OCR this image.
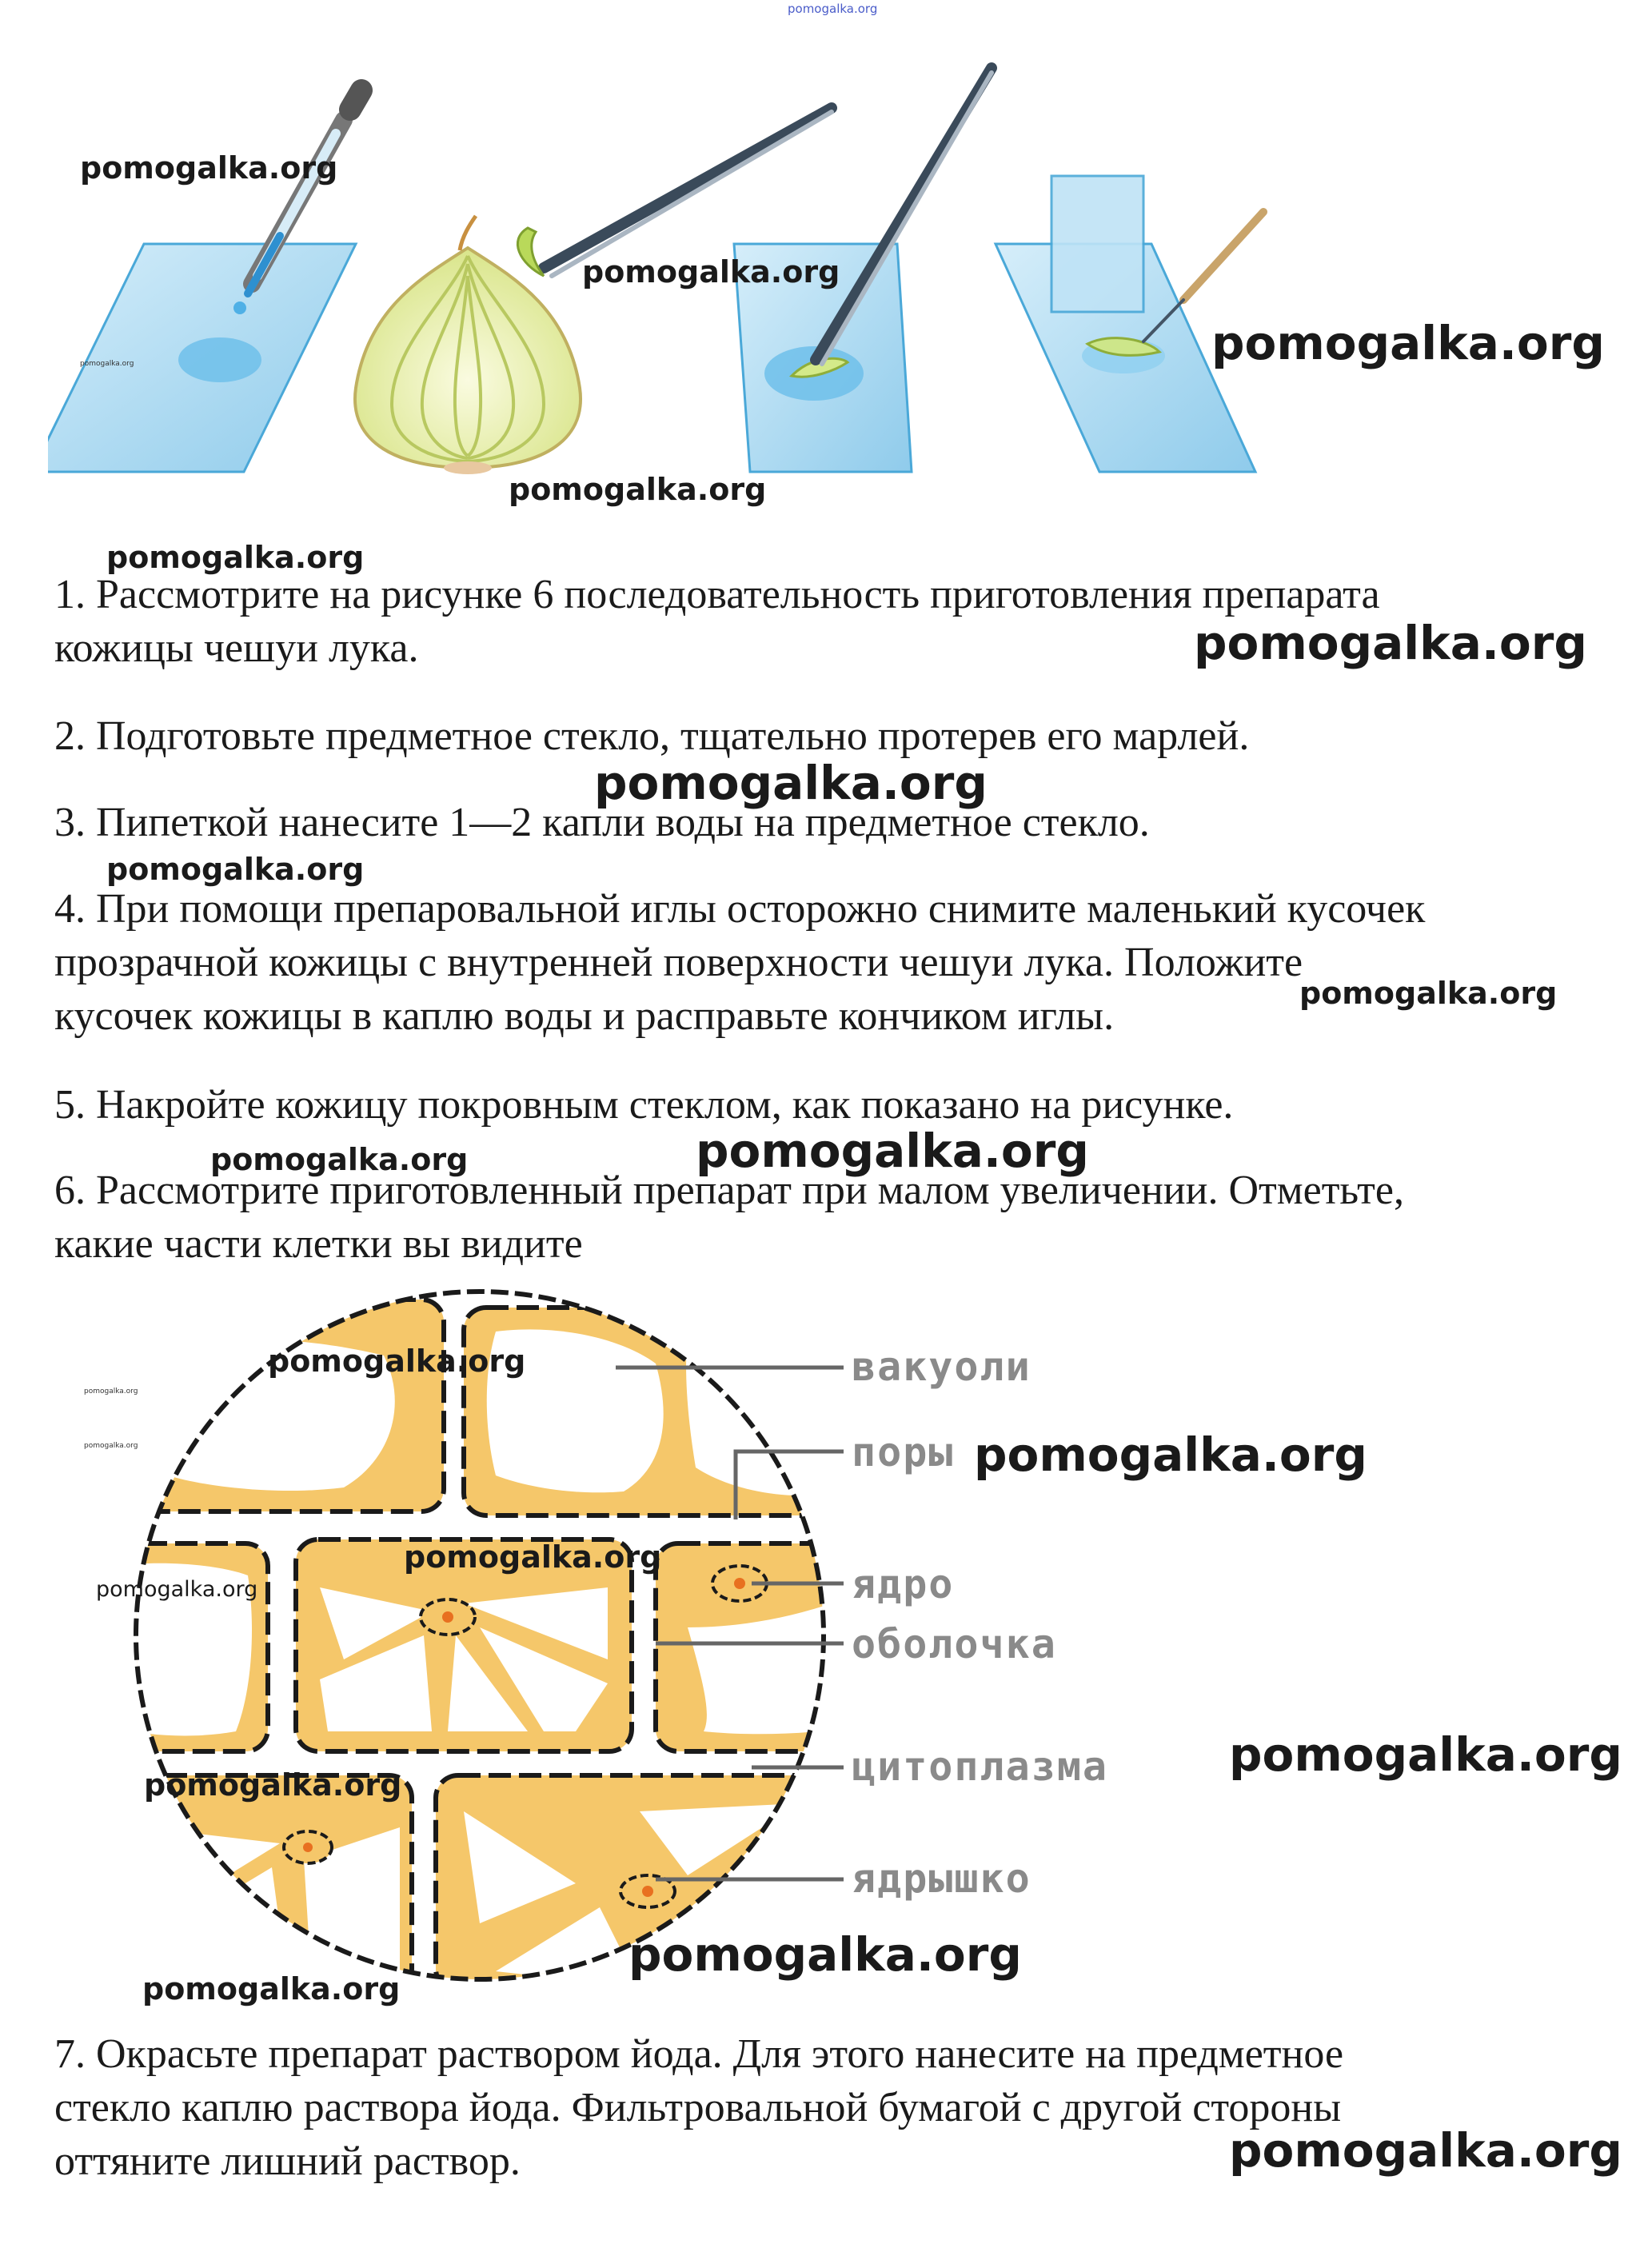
pomogalka.org
pomogalka.org
pomogalka.org
pomogalka.org
pomogalka.org
pomogalka.org
pomogalka.org
1. Рассмотрите на рисунке 6 последовательность приготовления препарата
кожицы чешуи лука.	pomogalka.org
2. Подготовьте предметное стекло, тщательно протерев его марлей.
3. Пипеткой нанесите 1—2 капли воды на предметное стекло.
pomogalka.org
pomogalka.org
4. При помощи препаровальной иглы осторожно снимите маленький кусочек
прозрачной кожицы с внутренней поверхности чешуи лука. Положите
кусочек кожицы в каплю воды и расправьте кончиком иглы.	pomogalka.org
5. Накройте кожицу покровным стеклом, как показано на рисунке.
pomogalka.org	pomogalka.org
6. Рассмотрите приготовленный препарат при малом увеличении. Отметьте,
какие части клетки вы видите
вакуоли
поры
ядро
оболочка
цитоплазма
ядрышко
pomogalka.org
pomogalka.org
pomogalka.org	pomogalka.org
pomogalka.org
pomogalka.org
pomogalka.org
pomogalka.org
pomogalka.org
pomogalka.org
7. Окрасьте препарат раствором йода. Для этого нанесите на предметное
стекло каплю раствора йода. Фильтровальной бумагой с другой стороны
оттяните лишний раствор.	pomogalka.org
